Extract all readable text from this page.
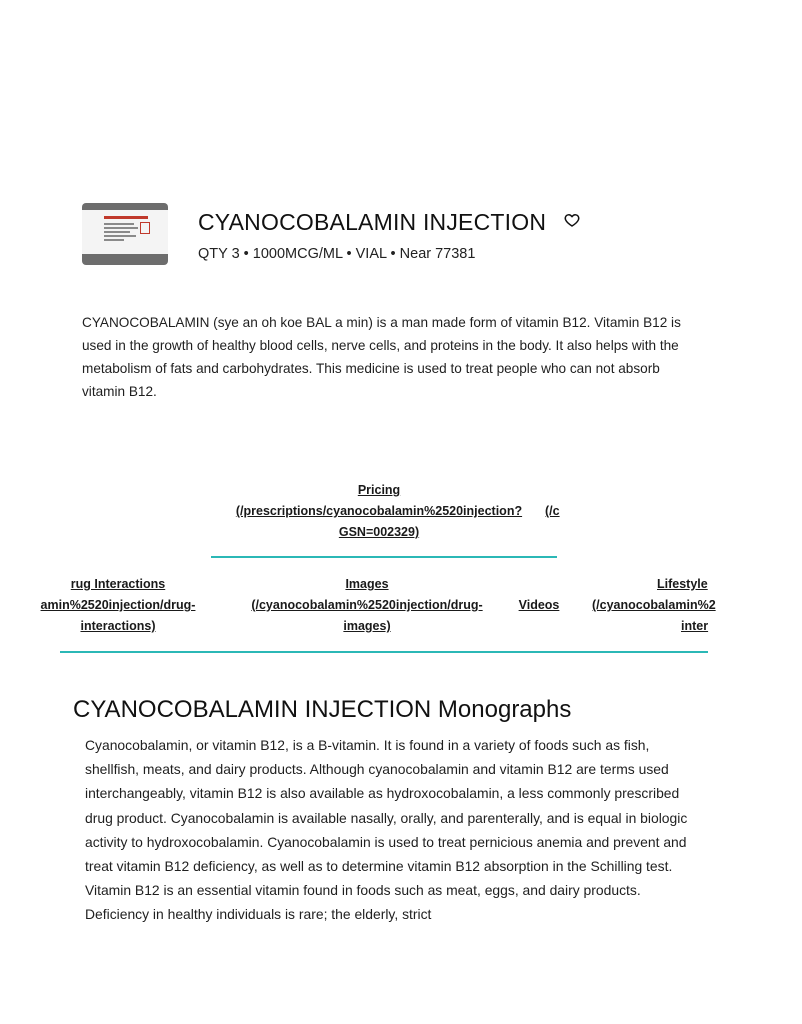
CYANOCOBALAMIN INJECTION
QTY 3 • 1000MCG/ML • VIAL • Near 77381
CYANOCOBALAMIN (sye an oh koe BAL a min) is a man made form of vitamin B12. Vitamin B12 is used in the growth of healthy blood cells, nerve cells, and proteins in the body. It also helps with the metabolism of fats and carbohydrates. This medicine is used to treat people who can not absorb vitamin B12.
Pricing
(/prescriptions/cyanocobalamin%2520injection?
GSN=002329)
(/c
rug Interactions
amin%2520injection/drug-
interactions)
Images
(/cyanocobalamin%2520injection/drug-
images)
Videos
Lifestyle
(/cyanocobalamin%2
inter
CYANOCOBALAMIN INJECTION Monographs
Cyanocobalamin, or vitamin B12, is a B-vitamin. It is found in a variety of foods such as fish, shellfish, meats, and dairy products. Although cyanocobalamin and vitamin B12 are terms used interchangeably, vitamin B12 is also available as hydroxocobalamin, a less commonly prescribed drug product. Cyanocobalamin is available nasally, orally, and parenterally, and is equal in biologic activity to hydroxocobalamin. Cyanocobalamin is used to treat pernicious anemia and prevent and treat vitamin B12 deficiency, as well as to determine vitamin B12 absorption in the Schilling test. Vitamin B12 is an essential vitamin found in foods such as meat, eggs, and dairy products. Deficiency in healthy individuals is rare; the elderly, strict
